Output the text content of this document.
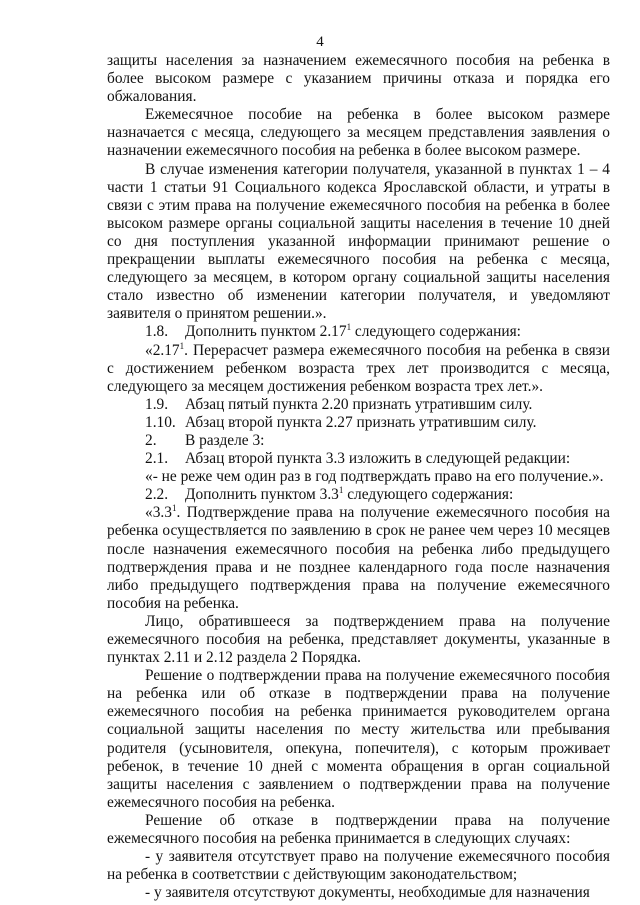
4

защиты населения за назначением ежемесячного пособия на ребенка в более высоком размере с указанием причины отказа и порядка его обжалования.

Ежемесячное пособие на ребенка в более высоком размере назначается с месяца, следующего за месяцем представления заявления о назначении ежемесячного пособия на ребенка в более высоком размере.

В случае изменения категории получателя, указанной в пунктах 1 – 4 части 1 статьи 91 Социального кодекса Ярославской области, и утраты в связи с этим права на получение ежемесячного пособия на ребенка в более высоком размере органы социальной защиты населения в течение 10 дней со дня поступления указанной информации принимают решение о прекращении выплаты ежемесячного пособия на ребенка с месяца, следующего за месяцем, в котором органу социальной защиты населения стало известно об изменении категории получателя, и уведомляют заявителя о принятом решении.».

1.8. Дополнить пунктом 2.17$^1$ следующего содержания:

«2.17$^1$. Перерасчет размера ежемесячного пособия на ребенка в связи с достижением ребенком возраста трех лет производится с месяца, следующего за месяцем достижения ребенком возраста трех лет.».

1.9. Абзац пятый пункта 2.20 признать утратившим силу.

1.10. Абзац второй пункта 2.27 признать утратившим силу.

2. В разделе 3:

2.1. Абзац второй пункта 3.3 изложить в следующей редакции:

«- не реже чем один раз в год подтверждать право на его получение.».

2.2. Дополнить пунктом $3.3^1$ следующего содержания:

«$3.3^1$. Подтверждение права на получение ежемесячного пособия на ребенка осуществляется по заявлению в срок не ранее чем через 10 месяцев после назначения ежемесячного пособия на ребенка либо предыдущего подтверждения права и не позднее календарного года после назначения либо предыдущего подтверждения права на получение ежемесячного пособия на ребенка.

Лицо, обратившееся за подтверждением права на получение ежемесячного пособия на ребенка, представляет документы, указанные в пунктах 2.11 и 2.12 раздела 2 Порядка.

Решение о подтверждении права на получение ежемесячного пособия на ребенка или об отказе в подтверждении права на получение ежемесячного пособия на ребенка принимается руководителем органа социальной защиты населения по месту жительства или пребывания родителя (усыновителя, опекуна, попечителя), с которым проживает ребенок, в течение 10 дней с момента обращения в орган социальной защиты населения с заявлением о подтверждении права на получение ежемесячного пособия на ребенка.

Решение об отказе в подтверждении права на получение ежемесячного пособия на ребенка принимается в следующих случаях:

- у заявителя отсутствует право на получение ежемесячного пособия на ребенка в соответствии с действующим законодательством;

- у заявителя отсутствуют документы, необходимые для назначения
